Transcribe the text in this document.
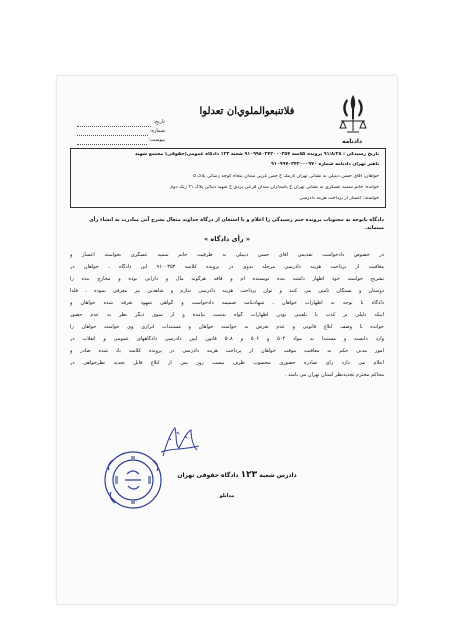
دادنامه
فلاتنبعوالملوي‌ان تعدلوا
تاریخ:
شماره:
پیوست:
تاریخ رسیدگی : ۹۱/۸/۲۸ پرونده کلاسه ۹۱۰۹۹۸۰۲۴۲۰۰۰۳۵۴ شعبه ۱۲۳ دادگاه عمومی(حقوقی) مجتمع شهید
باهنر تهران دادنامه شماره ۹۱۰۹۹۷۰۲۴۲۰۰۰۹۷۰
خواهان: آقای حسن دینیلی به نشانی تهران تارمک خ چمن غربی میدان پنجاه کوچه رضائی پلاک ۵
خوانده: خانم سمیه عسگری به نشانی تهران خ پاسداران میدان قرعی یزدی خ شهید دیبائی پلاک ۲۱ زنگ دوم
خواسته: اعسار از پرداخت هزینه دادرسی
دادگاه باتوجه به محتویات پرونده ختم رسیدگی را اعلام و با استعان از درگاه خداوند متعال بشرح آتی مبادرت به انشاء رأی مینماید.
« رأی دادگاه »
در خصوص دادخواست تقدیمی آقای حسن دینیلی به طرفیت خانم سمیه عسگری بخواسته اعسار و
معافیت از پرداخت هزینه دادرسی مرحله بدوی در پرونده کلاسه ۹۱۰۰۳۵۳ این دادگاه ، خواهان در
تشریح خواسته خود اظهار داشته بنده نویسنده ام و فاقد هرگونه مال و دارایی بوده و مخارج بنده را
دوستان و بستگان تأمین می کنند و توان پرداخت هزینه دادرسی ندارم و شاهدین نیز معرفی نموده ، فلذا
دادگاه با توجه به اظهارات خواهان ، شهادتنامه ضمیمه دادخواست و گواهی شهود تعرفه شده خواهان و
اینکه دلیلی بر کذب یا تلقینی بودن اظهارات گواه بدست نیامده و از سوی دیگر نظر به عدم حضور
خوانده با وصف ابلاغ قانونی و عدم تعرض به خواسته خواهان و مستندات ابرازی وی خواسته خواهان را
وارد دانسته و مستنداً به مواد ۵۰۴ و ۵۰۶ و ۵۰۸ قانون آیین دادرسی دادگاههای عمومی و انقلاب در
امور مدنی حکم به معافیت موقت خواهان از پرداخت هزینه دادرسی در پرونده کلاسه یاد شده صادر و
اعلام می دارد رای صادره حضوری محسوب ظرف بیست روز پس از ابلاغ قابل تجدید نظرخواهی در
محاکم محترم تجدیدنظر استان تهران می باشد .
دادرس شعبه ۱۲۳ دادگاه حقوقی تهران
مدانلو
